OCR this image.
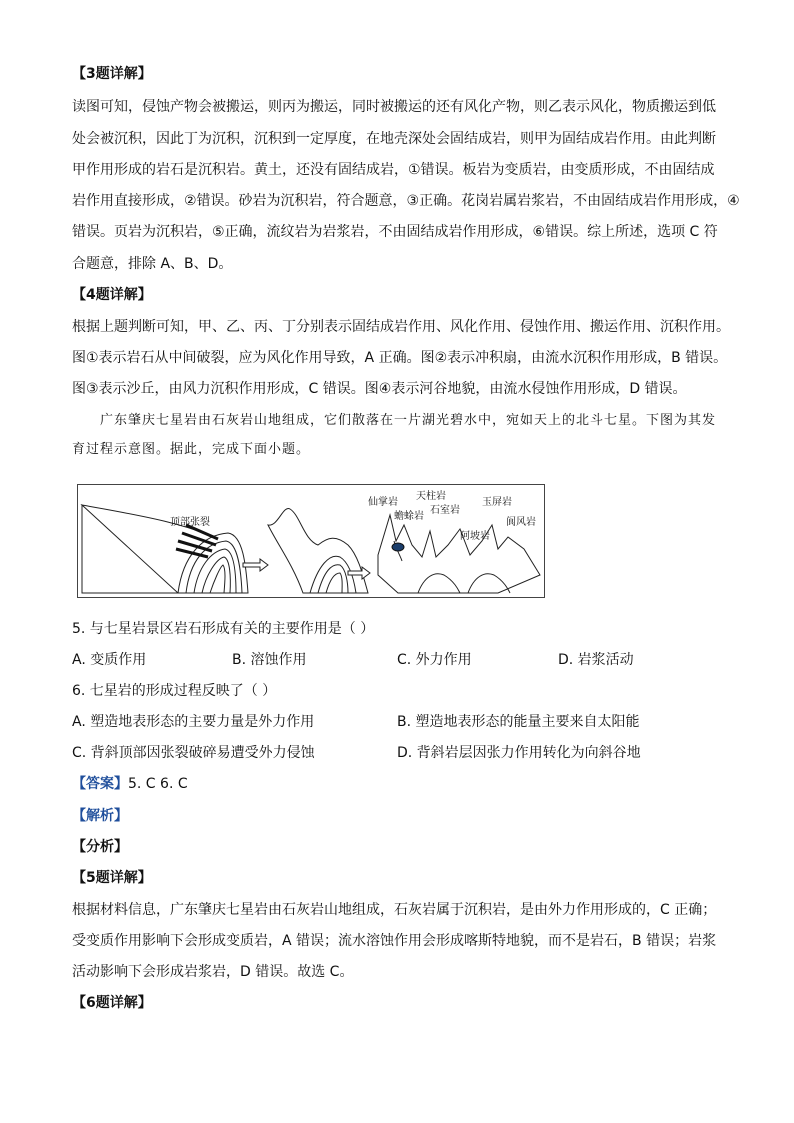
【3题详解】
读图可知，侵蚀产物会被搬运，则丙为搬运，同时被搬运的还有风化产物，则乙表示风化，物质搬运到低
处会被沉积，因此丁为沉积，沉积到一定厚度，在地壳深处会固结成岩，则甲为固结成岩作用。由此判断
甲作用形成的岩石是沉积岩。黄土，还没有固结成岩，①错误。板岩为变质岩，由变质形成，不由固结成
岩作用直接形成，②错误。砂岩为沉积岩，符合题意，③正确。花岗岩属岩浆岩，不由固结成岩作用形成，④
错误。页岩为沉积岩，⑤正确，流纹岩为岩浆岩，不由固结成岩作用形成，⑥错误。综上所述，选项 C 符
合题意，排除 A、B、D。
【4题详解】
根据上题判断可知，甲、乙、丙、丁分别表示固结成岩作用、风化作用、侵蚀作用、搬运作用、沉积作用。
图①表示岩石从中间破裂，应为风化作用导致，A 正确。图②表示冲积扇，由流水沉积作用形成，B 错误。
图③表示沙丘，由风力沉积作用形成，C 错误。图④表示河谷地貌，由流水侵蚀作用形成，D 错误。
广东肇庆七星岩由石灰岩山地组成，它们散落在一片湖光碧水中，宛如天上的北斗七星。下图为其发
育过程示意图。据此，完成下面小题。
顶部张裂
仙掌岩
天柱岩
蟾蜍岩
石室岩
玉屏岩
阿坡岩
阆风岩
5. 与七星岩景区岩石形成有关的主要作用是（ ）
A. 变质作用	B. 溶蚀作用	C. 外力作用	D. 岩浆活动
6. 七星岩的形成过程反映了（ ）
A. 塑造地表形态的主要力量是外力作用	B. 塑造地表形态的能量主要来自太阳能
C. 背斜顶部因张裂破碎易遭受外力侵蚀	D. 背斜岩层因张力作用转化为向斜谷地
【答案】5. C 6. C
【解析】
【分析】
【5题详解】
根据材料信息，广东肇庆七星岩由石灰岩山地组成，石灰岩属于沉积岩，是由外力作用形成的，C 正确；
受变质作用影响下会形成变质岩，A 错误；流水溶蚀作用会形成喀斯特地貌，而不是岩石，B 错误；岩浆
活动影响下会形成岩浆岩，D 错误。故选 C。
【6题详解】
